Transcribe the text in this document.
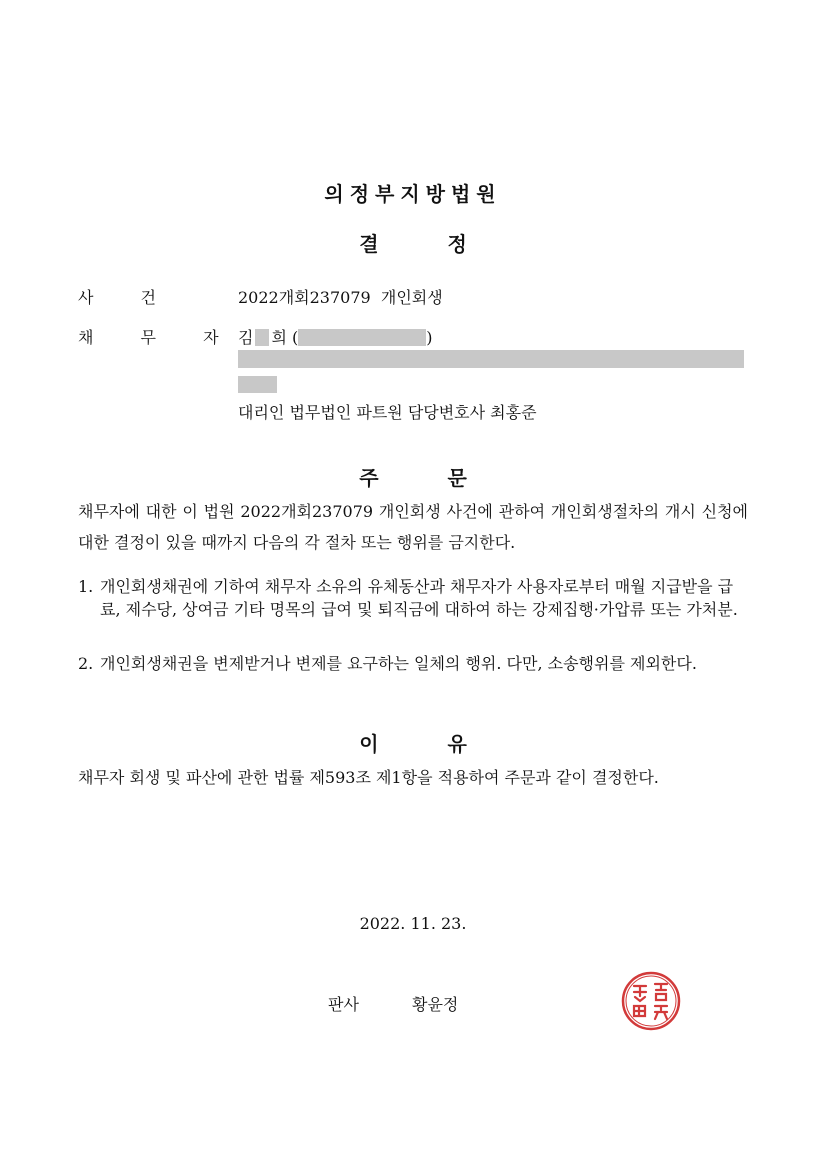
의정부지방법원
결 정
사 건	2022개회237079 개인회생
채 무 자 김 희 (	)
대리인 법무법인 파트원 담당변호사 최홍준
주 문
채무자에 대한 이 법원 2022개회237079 개인회생 사건에 관하여 개인회생절차의 개시 신청에 대한 결정이 있을 때까지 다음의 각 절차 또는 행위를 금지한다.
1. 개인회생채권에 기하여 채무자 소유의 유체동산과 채무자가 사용자로부터 매월 지급받을 급료, 제수당, 상여금 기타 명목의 급여 및 퇴직금에 대하여 하는 강제집행·가압류 또는 가처분.
2. 개인회생채권을 변제받거나 변제를 요구하는 일체의 행위. 다만, 소송행위를 제외한다.
이 유
채무자 회생 및 파산에 관한 법률 제593조 제1항을 적용하여 주문과 같이 결정한다.
2022. 11. 23.
판사	황윤정
